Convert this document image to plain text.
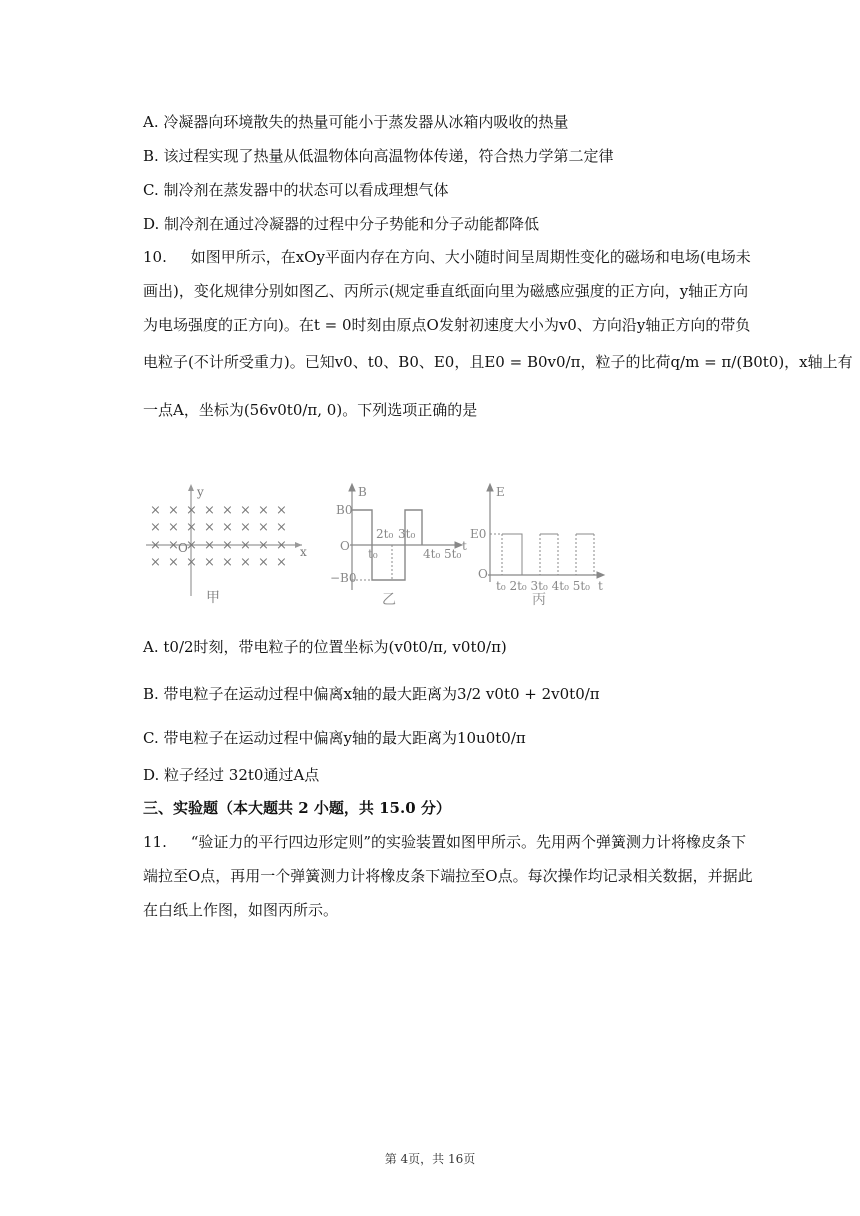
A. 冷凝器向环境散失的热量可能小于蒸发器从冰箱内吸收的热量
B. 该过程实现了热量从低温物体向高温物体传递，符合热力学第二定律
C. 制冷剂在蒸发器中的状态可以看成理想气体
D. 制冷剂在通过冷凝器的过程中分子势能和分子动能都降低
10. 如图甲所示，在xOy平面内存在方向、大小随时间呈周期性变化的磁场和电场(电场未
画出)，变化规律分别如图乙、丙所示(规定垂直纸面向里为磁感应强度的正方向，y轴正方向
为电场强度的正方向)。在t = 0时刻由原点O发射初速度大小为v0、方向沿y轴正方向的带负
电粒子(不计所受重力)。已知v0、t0、B0、E0，且E0 = B0v0/π，粒子的比荷q/m = π/(B0t0)，x轴上有
一点A，坐标为(56v0t0/π, 0)。下列选项正确的是
y
x
O
甲
× × × × × × × ×
× × × × × × × ×
× × × × × × × ×
× × × × × × × ×
B
B0
O
−B0
2t₀ 3t₀
t₀	4t₀ 5t₀
t
乙
E
E0
O
t₀ 2t₀ 3t₀ 4t₀ 5t₀ t
丙
A. t0/2时刻，带电粒子的位置坐标为(v0t0/π, v0t0/π)
B. 带电粒子在运动过程中偏离x轴的最大距离为3/2 v0t0 + 2v0t0/π
C. 带电粒子在运动过程中偏离y轴的最大距离为10u0t0/π
D. 粒子经过 32t0通过A点
三、实验题（本大题共 2 小题，共 15.0 分）
11. “验证力的平行四边形定则”的实验装置如图甲所示。先用两个弹簧测力计将橡皮条下
端拉至O点，再用一个弹簧测力计将橡皮条下端拉至O点。每次操作均记录相关数据，并据此
在白纸上作图，如图丙所示。
第 4页，共 16页
